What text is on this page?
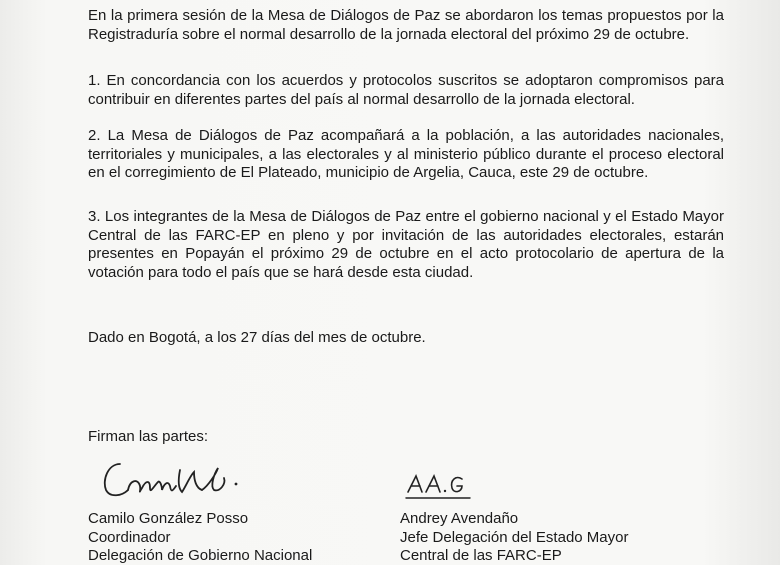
En la primera sesión de la Mesa de Diálogos de Paz se abordaron los temas propuestos por la Registraduría sobre el normal desarrollo de la jornada electoral del próximo 29 de octubre.

1. En concordancia con los acuerdos y protocolos suscritos se adoptaron compromisos para contribuir en diferentes partes del país al normal desarrollo de la jornada electoral.

2. La Mesa de Diálogos de Paz acompañará a la población, a las autoridades nacionales, territoriales y municipales, a las electorales y al ministerio público durante el proceso electoral en el corregimiento de El Plateado, municipio de Argelia, Cauca, este 29 de octubre.

3. Los integrantes de la Mesa de Diálogos de Paz entre el gobierno nacional y el Estado Mayor Central de las FARC-EP en pleno y por invitación de las autoridades electorales, estarán presentes en Popayán el próximo 29 de octubre en el acto protocolario de apertura de la votación para todo el país que se hará desde esta ciudad.

Dado en Bogotá, a los 27 días del mes de octubre.
Firman las partes:
Camilo González Posso
Coordinador
Delegación de Gobierno Nacional
Andrey Avendaño
Jefe Delegación del Estado Mayor
Central de las FARC-EP
